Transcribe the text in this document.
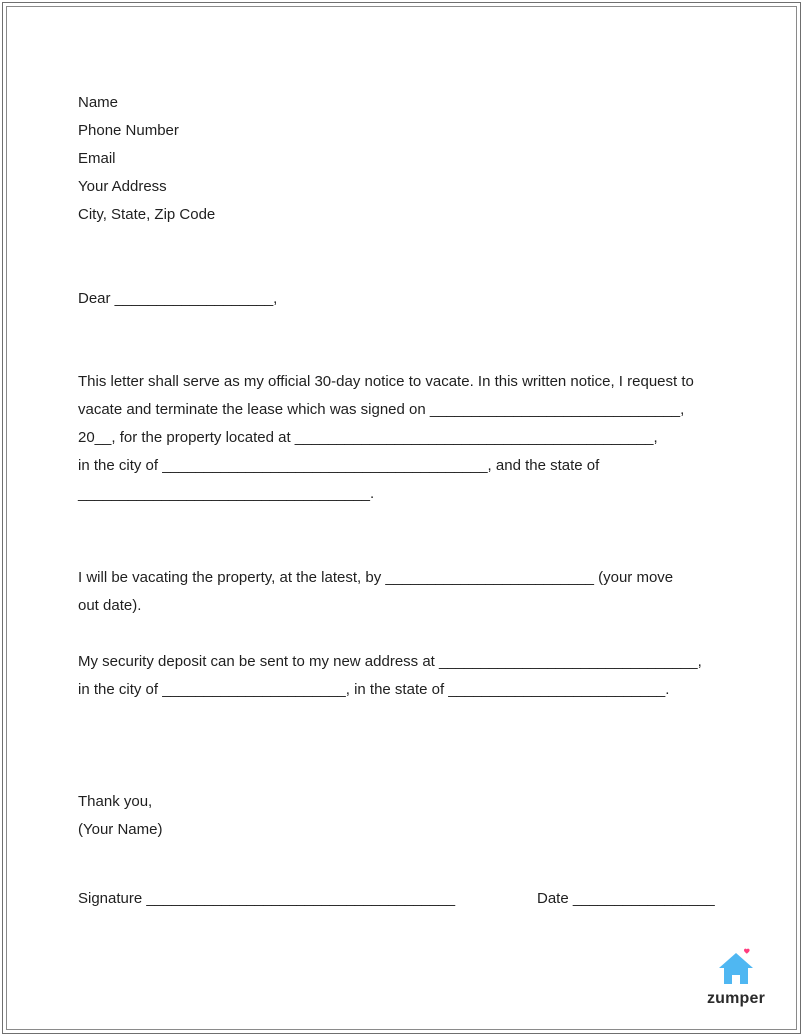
Name
Phone Number
Email
Your Address
City, State, Zip Code
Dear ___________________,
This letter shall serve as my official 30-day notice to vacate. In this written notice, I request to
vacate and terminate the lease which was signed on ______________________________,
20__, for the property located at ___________________________________________,
in the city of _______________________________________, and the state of
___________________________________.
I will be vacating the property, at the latest, by _________________________ (your move
out date).
My security deposit can be sent to my new address at _______________________________,
in the city of ______________________, in the state of __________________________.
Thank you,
(Your Name)

Signature _____________________________________

	Date _________________

zumper
